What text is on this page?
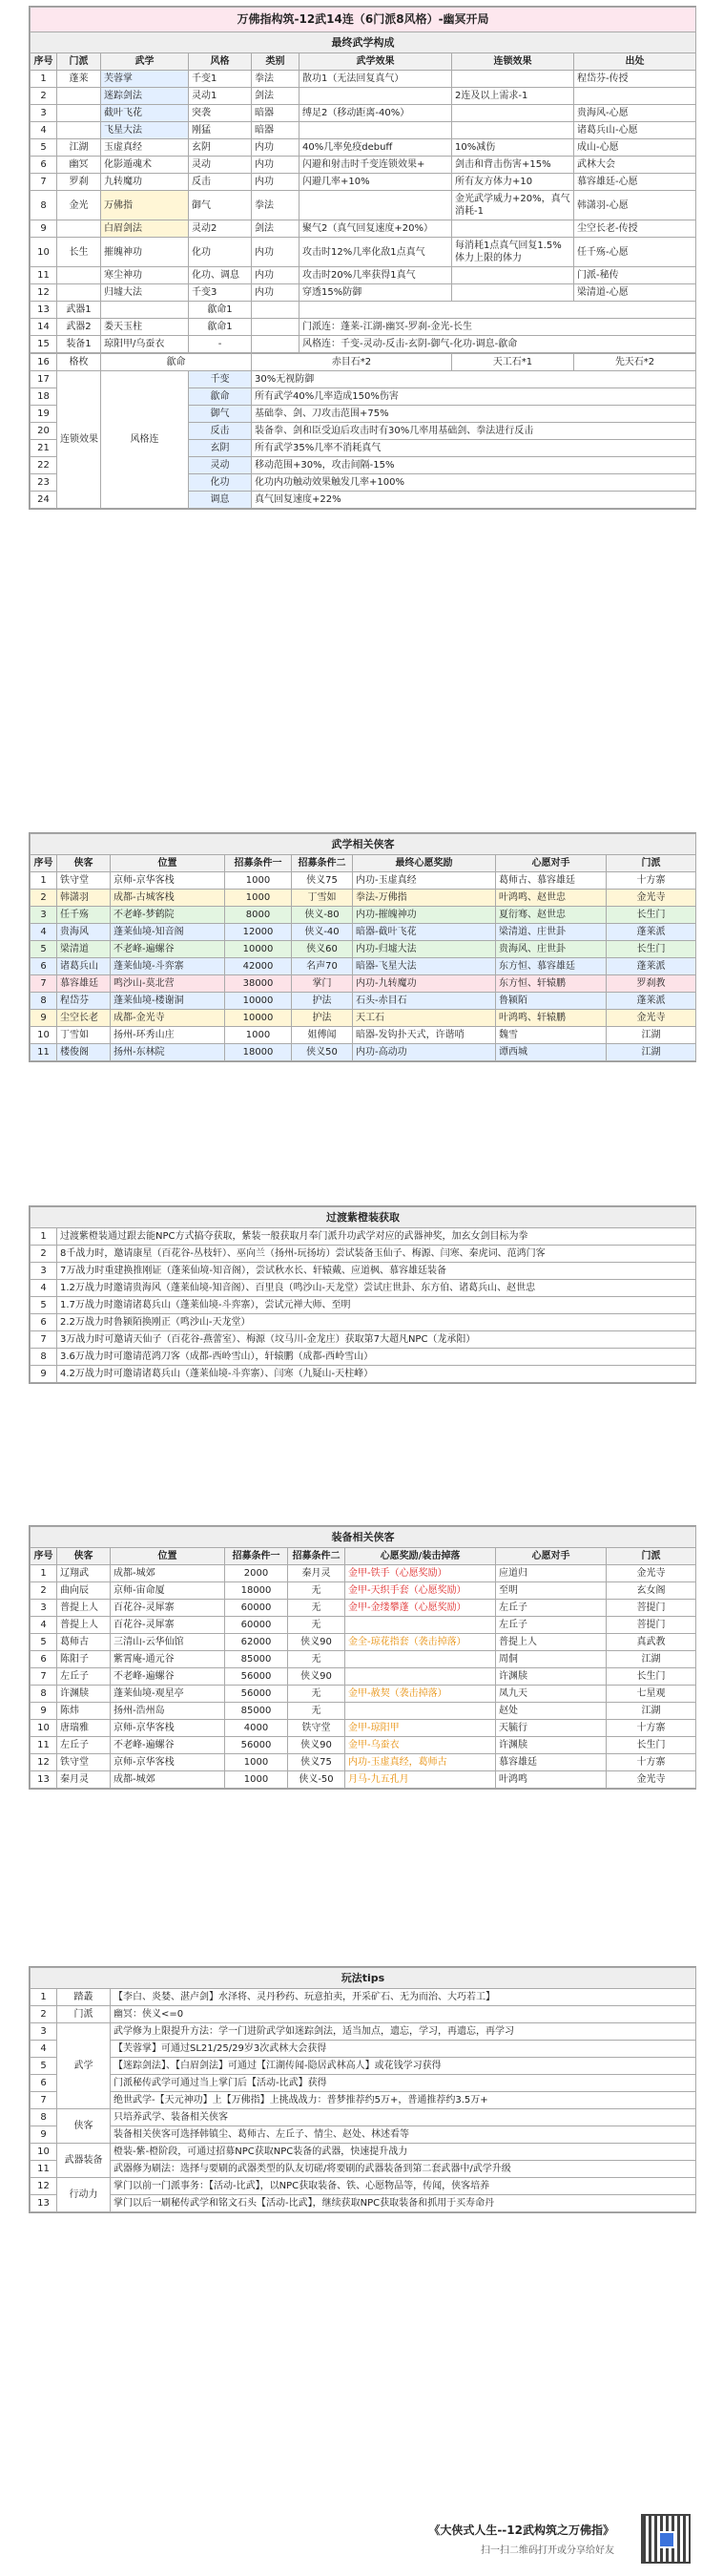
万佛指构筑-12武14连（6门派8风格）-幽冥开局							
最终武学构成							
序号	门派	武学	风格	类别	武学效果	连锁效果	出处
1	蓬莱	芙蓉掌	千变1	拳法	散功1（无法回复真气）		程岱芬-传授
2		迷踪剑法	灵动1	剑法		2连及以上需求-1	
3		截叶飞花	突袭	暗器	缚足2（移动距离-40%）		贵海风-心愿
4		飞星大法	刚猛	暗器			诸葛兵山-心愿
5	江湖	玉虚真经	玄阴	内功	40%几率免疫debuff	10%减伤	成山-心愿
6	幽冥	化影遁魂术	灵动	内功	闪避和射击时千变连锁效果+	剑击和背击伤害+15%	武林大会
7	罗刹	九转魔功	反击	内功	闪避几率+10%	所有友方体力+10	慕容雄廷-心愿
8	金光	万佛指	御气	拳法		金光武学威力+20%，真气消耗-1	韩潇羽-心愿
9		白眉剑法	灵动2	剑法	聚气2（真气回复速度+20%）		尘空长老-传授
10	长生	摧魄神功	化功	内功	攻击时12%几率化敌1点真气	每消耗1点真气回复1.5%体力上限的体力	任千殇-心愿
11		寒尘神功	化功、调息	内功	攻击时20%几率获得1真气		门派-秘传
12		归墟大法	千变3	内功	穿透15%防御		梁清道-心愿
13	武器1		歙命1				
14	武器2	娄天玉柱	歙命1		门派连：蓬莱-江湖-幽冥-罗刹-金光-长生		
15	装备1	琼阳甲/乌蚕衣	-		风格连：千变-灵动-反击-玄阴-御气-化功-调息-歙命		
16	格枚	歙命		赤目石*2	天工石*1	先天石*2
17	连锁效果	风格连	千变	30%无视防御		
18			歙命	所有武学40%几率造成150%伤害		
19			御气	基础拳、剑、刀攻击范围+75%		
20			反击	装备拳、剑和臣受迫后攻击时有30%几率用基础剑、拳法进行反击		
21			玄阴	所有武学35%几率不消耗真气		
22			灵动	移动范围+30%，攻击间隔-15%		
23			化功	化功内功触动效果触发几率+100%		
24			调息	真气回复速度+22%		
武学相关侠客							
序号	侠客	位置	招募条件一	招募条件二	最终心愿奖励	心愿对手	门派
1	铁守堂	京师-京华客栈	1000	侠义75	内功-玉虚真经	葛师古、慕容雄廷	十方寨
2	韩潇羽	成都-古城客栈	1000	丁雪如	拳法-万佛指	叶鸿鸣、赵世忠	金光寺
3	任千殇	不老峰-梦鹤院	8000	侠义-80	内功-摧魄神功	夏衍骞、赵世忠	长生门
4	贵海风	蓬莱仙境-知音阁	12000	侠义-40	暗器-截叶飞花	梁清道、庄世卦	蓬莱派
5	梁清道	不老峰-遍螺谷	10000	侠义60	内功-归墟大法	贵海风、庄世卦	长生门
6	诸葛兵山	蓬莱仙境-斗弈寨	42000	名声70	暗器-飞星大法	东方恒、慕容雄廷	蓬莱派
7	慕容雄廷	鸣沙山-莫北营	38000	掌门	内功-九转魔功	东方恒、轩辕鹏	罗刹教
8	程岱芬	蓬莱仙境-楼谢洞	10000	护法	石头-赤目石	鲁颍陌	蓬莱派
9	尘空长老	成都-金光寺	10000	护法	天工石	叶鸿鸣、轩辕鹏	金光寺
10	丁雪如	扬州-环秀山庄	1000	姐傅闻	暗器-发钩扑天式，许谐哨	魏雪	江湖
11	楼俊阁	扬州-东林院	18000	侠义50	内功-高动功	谭西城	江湖
过渡紫橙装获取	
1	过渡紫橙装通过跟去能NPC方式搞夺获取，紫装一般获取月奉门派升功武学对应的武器神奖，加玄女剑目标为拳
2	8千战力时，邀请康星（百花谷-丛枝轩）、巫向兰（扬州-玩扬坊）尝试装备玉仙子、梅源、闫寒、秦虎词、范鸿门客
3	7万战力时重建换推刚证（蓬莱仙境-知音阁），尝试秋水长、轩辕戴、应道枫、慕容雄廷装备
4	1.2万战力时邀请贵海风（蓬莱仙境-知音阁）、百里良（鸣沙山-天龙堂）尝试庄世卦、东方伯、诸葛兵山、赵世忠
5	1.7万战力时邀请诸葛兵山（蓬莱仙境-斗弈寨），尝试元禅大师、至明
6	2.2万战力时鲁颍陌换刚正（鸣沙山-天龙堂）
7	3万战力时可邀请天仙子（百花谷-燕蕾室）、梅源（坟马川-金龙庄）获取第7大超凡NPC（龙承阳）
8	3.6万战力时可邀请范鸿刀客（成都-西岭雪山），轩辕鹏（成都-西岭雪山）
9	4.2万战力时可邀请诸葛兵山（蓬莱仙境-斗弈寨）、闫寒（九疑山-天柱峰）
装备相关侠客							
序号	侠客	位置	招募条件一	招募条件二	心愿奖励/装击掉落	心愿对手	门派
1	辽翔武	成都-城郊	2000	秦月灵	金甲-铁手（心愿奖励）	应道归	金光寺
2	曲向辰	京师-宙命厦	18000	无	金甲-天织手套（心愿奖励）	至明	玄女阁
3	普提上人	百花谷-灵犀寨	60000	无	金甲-金缕攀蓬（心愿奖励）	左丘子	菩提门
4	普提上人	百花谷-灵犀寨	60000	无		左丘子	菩提门
5	葛师古	三清山-云华仙馆	62000	侠义90	金全-琼花指套（袭击掉落）	普提上人	真武教
6	陈阳子	紫霄庵-通元谷	85000	无		周侗	江湖
7	左丘子	不老峰-遍螺谷	56000	侠义90		许渊牍	长生门
8	许渊牍	蓬莱仙境-观星亭	56000	无	金甲-赦契（袭击掉落）	凤九天	七星观
9	陈炜	扬州-浩州岛	85000	无		赵处	江湖
10	唐瑞雅	京师-京华客栈	4000	铁守堂	金甲-琼阳甲	天毓行	十方寨
11	左丘子	不老峰-遍螺谷	56000	侠义90	金甲-乌蚕衣	许渊牍	长生门
12	铁守堂	京师-京华客栈	1000	侠义75	内功-玉虚真经，葛师古	慕容雄廷	十方寨
13	秦月灵	成都-城郊	1000	侠义-50	月马-九五孔月	叶鸿鸣	金光寺
玩法tips		
1	踏叢	【李白、炎婪、湛卢剑】水泽将、灵丹秒药、玩意拍卖，开采矿石、无为而治、大巧若工】
2	门派	幽冥：侠义<=0
3	武学	武学修为上限提升方法：学一门进阶武学如迷踪剑法，适当加点，遗忘，学习，再遗忘，再学习
4		【芙蓉掌】可通过SL21/25/29岁3次武林大会获得
5		【迷踪剑法】、【白眉剑法】可通过【江湖传闻-隐居武林高人】或花钱学习获得
6		门派秘传武学可通过当上掌门后【活动-比武】获得
7		绝世武学-【天元神功】上【万佛指】上挑战战力：普梦推荐约5万+，普通推荐约3.5万+
8	侠客	只培养武学、装备相关侠客
9		装备相关侠客可选择韩镇尘、葛师古、左丘子、情尘、赵处、林述看等
10	武器装备	橙装-紫-橙阶段，可通过招募NPC获取NPC装备的武器，快速提升战力
11		武器修为刷法：选择与要刷的武器类型的队友切磋/将要刷的武器装备到第二套武器中/武学升级
12	行动力	掌门以前一门派事务：【活动-比武】，以NPC获取装备、铁、心愿物品等，传闻，侠客培养
13		掌门以后一刷秘传武学和铭文石头【活动-比武】，继续获取NPC获取装备和抓用于买寿命丹
《大侠式人生--12武构筑之万佛指》
扫一扫二维码打开或分享给好友
